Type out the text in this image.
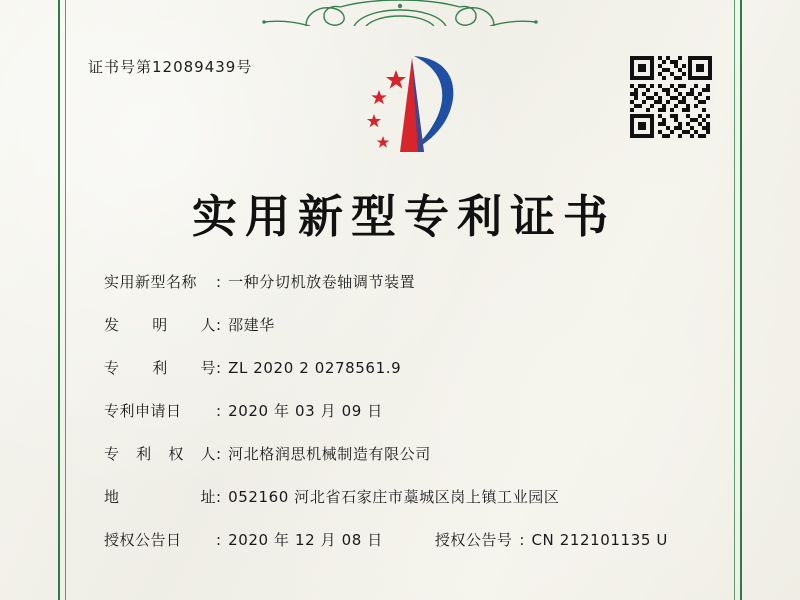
证书号第12089439号
实用新型专利证书
实用新型名称	: 一种分切机放卷轴调节装置
发 明 人 : 邵建华
专 利 号 : ZL 2020 2 0278561.9
专利申请日	: 2020 年 03 月 09 日
专 利 权 人 : 河北格润思机械制造有限公司
地	址 : 052160 河北省石家庄市藁城区岗上镇工业园区
授权公告日	: 2020 年 12 月 08 日	授权公告号 : CN 212101135 U
